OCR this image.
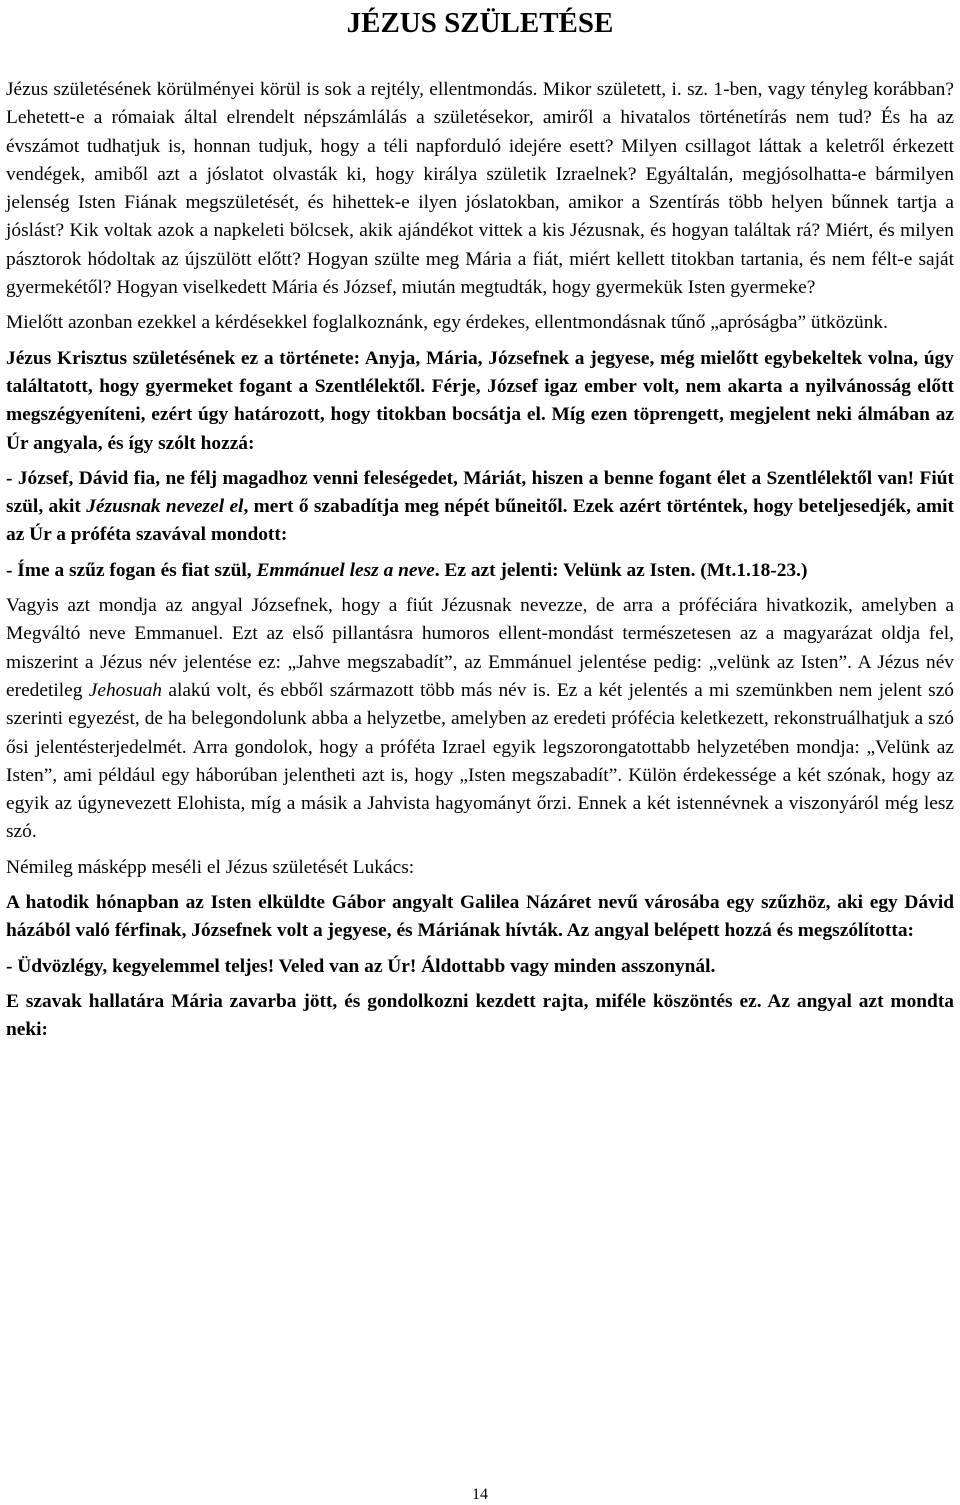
JÉZUS SZÜLETÉSE

Jézus születésének körülményei körül is sok a rejtély, ellentmondás. Mikor született, i. sz. 1-ben, vagy tényleg korábban? Lehetett-e a rómaiak által elrendelt népszámlálás a születésekor, amiről a hivatalos történetírás nem tud? És ha az évszámot tudhatjuk is, honnan tudjuk, hogy a téli napforduló idejére esett? Milyen csillagot láttak a keletről érkezett vendégek, amiből azt a jóslatot olvasták ki, hogy királya születik Izraelnek? Egyáltalán, megjósolhatta-e bármilyen jelenség Isten Fiának megszületését, és hihettek-e ilyen jóslatokban, amikor a Szentírás több helyen bűnnek tartja a jóslást? Kik voltak azok a napkeleti bölcsek, akik ajándékot vittek a kis Jézusnak, és hogyan találtak rá? Miért, és milyen pásztorok hódoltak az újszülött előtt? Hogyan szülte meg Mária a fiát, miért kellett titokban tartania, és nem félt-e saját gyermekétől? Hogyan viselkedett Mária és József, miután megtudták, hogy gyermekük Isten gyermeke?

Mielőtt azonban ezekkel a kérdésekkel foglalkoznánk, egy érdekes, ellentmondásnak tűnő „apróságba” ütközünk.

Jézus Krisztus születésének ez a története: Anyja, Mária, Józsefnek a jegyese, még mielőtt egybekeltek volna, úgy találtatott, hogy gyermeket fogant a Szentlélektől. Férje, József igaz ember volt, nem akarta a nyilvánosság előtt megszégyeníteni, ezért úgy határozott, hogy titokban bocsátja el. Míg ezen töprengett, megjelent neki álmában az Úr angyala, és így szólt hozzá:

- József, Dávid fia, ne félj magadhoz venni feleségedet, Máriát, hiszen a benne fogant élet a Szentlélektől van! Fiút szül, akit Jézusnak nevezel el, mert ő szabadítja meg népét bűneitől. Ezek azért történtek, hogy beteljesedjék, amit az Úr a próféta szavával mondott:

- Íme a szűz fogan és fiat szül, Emmánuel lesz a neve. Ez azt jelenti: Velünk az Isten. (Mt.1.18-23.)

Vagyis azt mondja az angyal Józsefnek, hogy a fiút Jézusnak nevezze, de arra a próféciára hivatkozik, amelyben a Megváltó neve Emmanuel. Ezt az első pillantásra humoros ellent-mondást természetesen az a magyarázat oldja fel, miszerint a Jézus név jelentése ez: „Jahve megszabadít”, az Emmánuel jelentése pedig: „velünk az Isten”. A Jézus név eredetileg Jehosuah alakú volt, és ebből származott több más név is. Ez a két jelentés a mi szemünkben nem jelent szó szerinti egyezést, de ha belegondolunk abba a helyzetbe, amelyben az eredeti prófécia keletkezett, rekonstruálhatjuk a szó ősi jelentésterjedelmét. Arra gondolok, hogy a próféta Izrael egyik legszorongatottabb helyzetében mondja: „Velünk az Isten”, ami például egy háborúban jelentheti azt is, hogy „Isten megszabadít”. Külön érdekessége a két szónak, hogy az egyik az úgynevezett Elohista, míg a másik a Jahvista hagyományt őrzi. Ennek a két istennévnek a viszonyáról még lesz szó.

Némileg másképp meséli el Jézus születését Lukács:

A hatodik hónapban az Isten elküldte Gábor angyalt Galilea Názáret nevű városába egy szűzhöz, aki egy Dávid házából való férfinak, Józsefnek volt a jegyese, és Máriának hívták. Az angyal belépett hozzá és megszólította:

- Üdvözlégy, kegyelemmel teljes! Veled van az Úr! Áldottabb vagy minden asszonynál.

E szavak hallatára Mária zavarba jött, és gondolkozni kezdett rajta, miféle köszöntés ez. Az angyal azt mondta neki:

14
